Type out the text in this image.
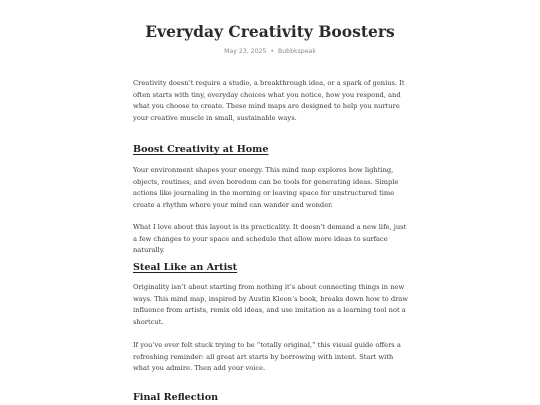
Everyday Creativity Boosters
May 23, 2025 • Bubbkspeak

Creativity doesn’t require a studio, a breakthrough idea, or a spark of genius. It often starts with tiny, everyday choices what you notice, how you respond, and what you choose to create. These mind maps are designed to help you nurture your creative muscle in small, sustainable ways.

Boost Creativity at Home

Your environment shapes your energy. This mind map explores how lighting, objects, routines, and even boredom can be tools for generating ideas. Simple actions like journaling in the morning or leaving space for unstructured time create a rhythm where your mind can wander and wonder.

What I love about this layout is its practicality. It doesn’t demand a new life, just a few changes to your space and schedule that allow more ideas to surface naturally.

Steal Like an Artist

Originality isn’t about starting from nothing it’s about connecting things in new ways. This mind map, inspired by Austin Kleon’s book, breaks down how to draw influence from artists, remix old ideas, and use imitation as a learning tool not a shortcut.

If you’ve ever felt stuck trying to be “totally original,” this visual guide offers a refreshing reminder: all great art starts by borrowing with intent. Start with what you admire. Then add your voice.

Final Reflection
